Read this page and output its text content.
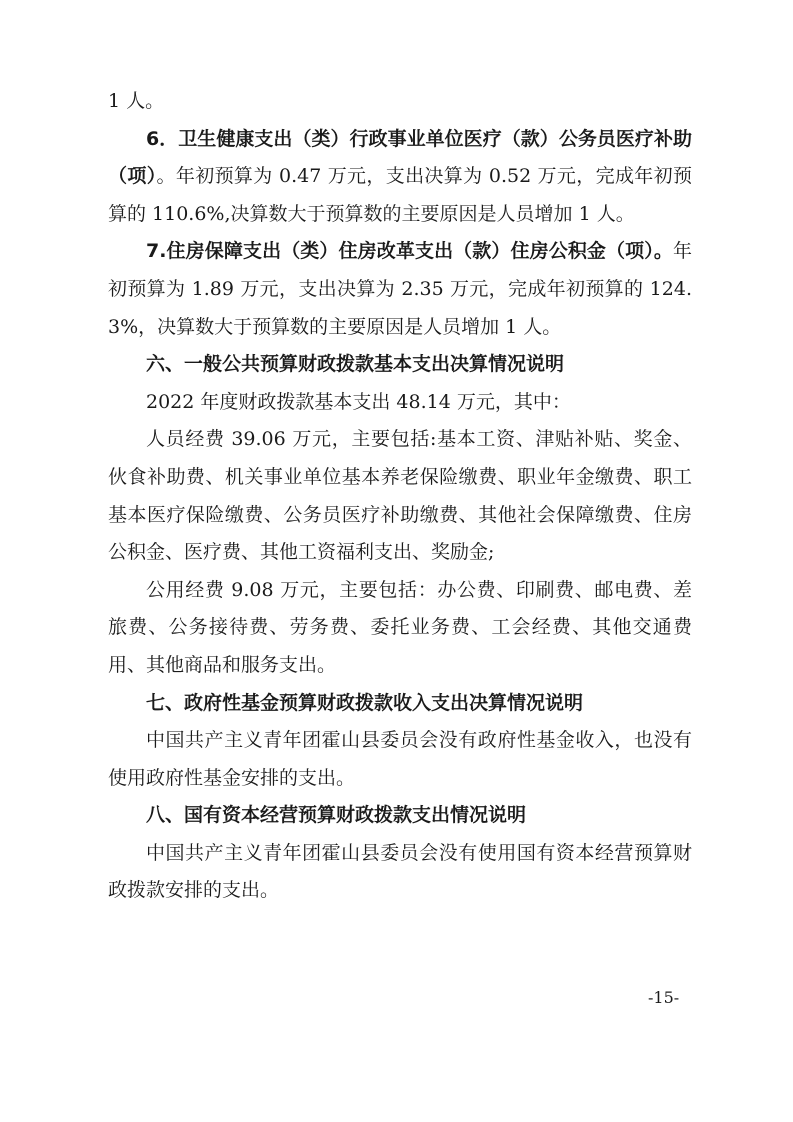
1 人。

6．卫生健康支出（类）行政事业单位医疗（款）公务员医疗补助（项）。年初预算为 0.47 万元，支出决算为 0.52 万元，完成年初预算的 110.6%,决算数大于预算数的主要原因是人员增加 1 人。

7.住房保障支出（类）住房改革支出（款）住房公积金（项）。年初预算为 1.89 万元，支出决算为 2.35 万元，完成年初预算的 124.3%，决算数大于预算数的主要原因是人员增加 1 人。

六、一般公共预算财政拨款基本支出决算情况说明

2022 年度财政拨款基本支出 48.14 万元，其中：

人员经费 39.06 万元，主要包括:基本工资、津贴补贴、奖金、伙食补助费、机关事业单位基本养老保险缴费、职业年金缴费、职工基本医疗保险缴费、公务员医疗补助缴费、其他社会保障缴费、住房公积金、医疗费、其他工资福利支出、奖励金;

公用经费 9.08 万元，主要包括：办公费、印刷费、邮电费、差旅费、公务接待费、劳务费、委托业务费、工会经费、其他交通费用、其他商品和服务支出。

七、政府性基金预算财政拨款收入支出决算情况说明

中国共产主义青年团霍山县委员会没有政府性基金收入，也没有使用政府性基金安排的支出。

八、国有资本经营预算财政拨款支出情况说明

中国共产主义青年团霍山县委员会没有使用国有资本经营预算财政拨款安排的支出。

-15-
